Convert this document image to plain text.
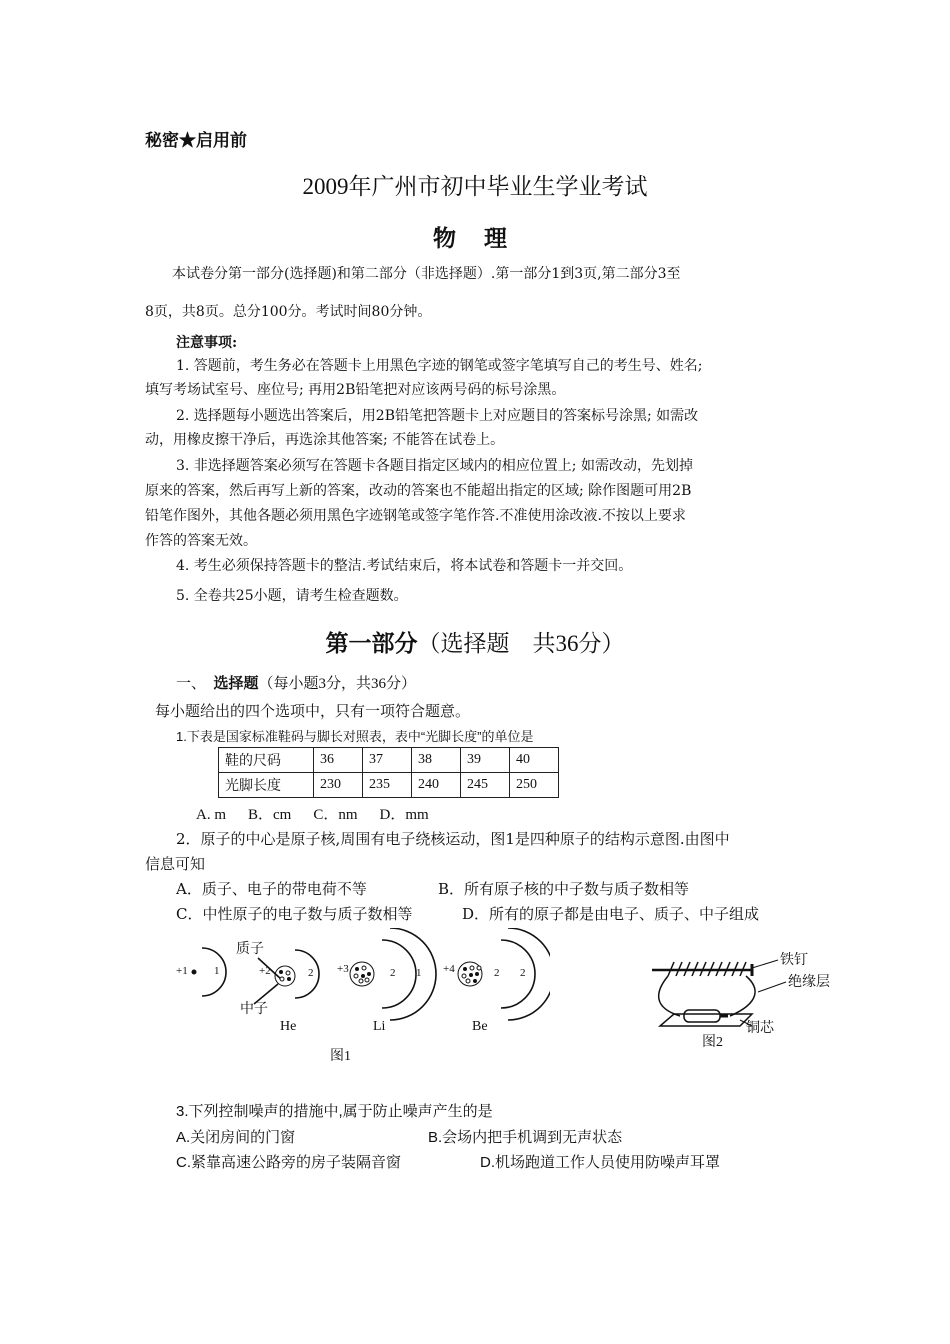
秘密★启用前
2009年广州市初中毕业生学业考试
物 理
本试卷分第一部分(选择题)和第二部分（非选择题）.第一部分1到3页,第二部分3至
8页，共8页。总分100分。考试时间80分钟。
注意事项:
1. 答题前，考生务必在答题卡上用黑色字迹的钢笔或签字笔填写自己的考生号、姓名;
填写考场试室号、座位号; 再用2B铅笔把对应该两号码的标号涂黑。
2. 选择题每小题选出答案后，用2B铅笔把答题卡上对应题目的答案标号涂黑; 如需改
动，用橡皮擦干净后，再选涂其他答案; 不能答在试卷上。
3. 非选择题答案必须写在答题卡各题目指定区域内的相应位置上; 如需改动，先划掉
原来的答案，然后再写上新的答案，改动的答案也不能超出指定的区域; 除作图题可用2B
铅笔作图外，其他各题必须用黑色字迹钢笔或签字笔作答.不准使用涂改液.不按以上要求
作答的答案无效。
4. 考生必须保持答题卡的整洁.考试结束后，将本试卷和答题卡一并交回。
5. 全卷共25小题，请考生检查题数。
第一部分（选择题　共36分）
一、 选择题（每小题3分，共36分）
每小题给出的四个选项中，只有一项符合题意。
1.下表是国家标准鞋码与脚长对照表，表中“光脚长度”的单位是
鞋的尺码	36	37	38	39	40
光脚长度	230	235	240	245	250
A. m B．cm C．nm D．mm
2．原子的中心是原子核,周围有电子绕核运动，图1是四种原子的结构示意图.由图中
信息可知
A．质子、电子的带电荷不等	B．所有原子核的中子数与质子数相等
C．中性原子的电子数与质子数相等	D．所有的原子都是由电子、质子、中子组成
+1 1	+2	2 +3	2 1 +4	2 2
质子
中子
He	Li	Be
图1
铁钉
绝缘层
铜芯
图2
3.下列控制噪声的措施中,属于防止噪声产生的是
A.关闭房间的门窗	B.会场内把手机调到无声状态
C.紧靠高速公路旁的房子装隔音窗	D.机场跑道工作人员使用防噪声耳罩
